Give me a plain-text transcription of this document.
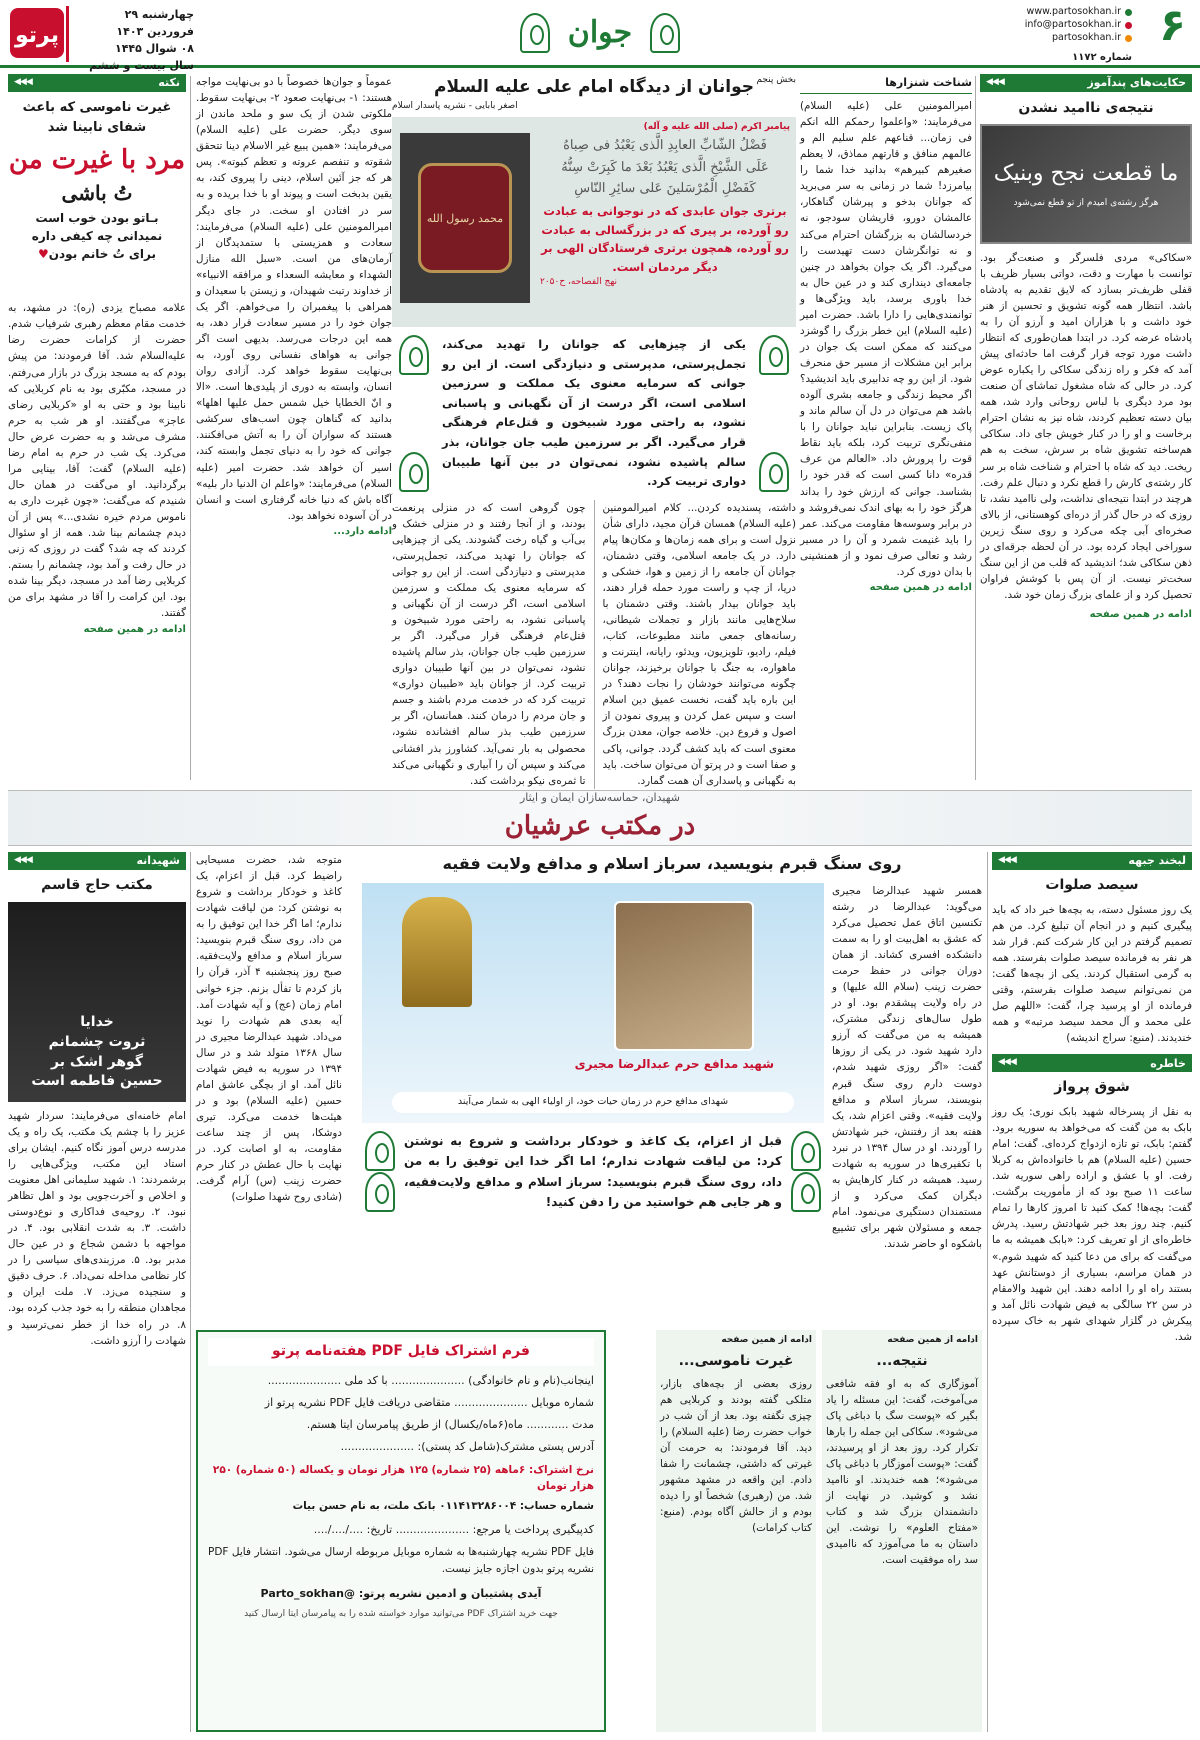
۶
www.partosokhan.ir
info@partosokhan.ir
partosokhan.ir
شماره ۱۱۷۲
جوان
چهارشنبه ۲۹ فروردین ۱۴۰۳
۰۸ شوال ۱۴۴۵
سال بیست و ششم
پرتو
حکایت‌های پندآموز
◀◀◀
نتیجه‌ی ناامید نشدن
ما قطعت نجح وبنیک
هرگز رشته‌ی امیدم از تو قطع نمی‌شود
«سکاکی» مردی فلسرگر و صنعت‌گر بود. توانست با مهارت و دقت، دواتی بسیار ظریف با قفلی ظریف‌تر بسازد که لایق تقدیم به پادشاه باشد. انتظار همه گونه تشویق و تحسین از هنر خود داشت و با هزاران امید و آرزو آن را به پادشاه عرضه کرد. در ابتدا همان‌طوری که انتظار داشت مورد توجه قرار گرفت اما حادثه‌ای پیش آمد که فکر و راه زندگی سکاکی را یکباره عوض کرد. در حالی که شاه مشغول تماشای آن صنعت بود مرد دیگری با لباس روحانی وارد شد، همه بیان دسته تعظیم کردند، شاه نیز به نشان احترام برخاست و او را در کنار خویش جای داد. سکاکی هم‌ساخته تشویق شاه بر سرش، سخت به هم ریخت. دید که شاه با احترام و شناخت شاه بر سر کار رشته‌ی کارش را قطع نکرد و دنبال علم رفت. هرچند در ابتدا نتیجه‌ای نداشت، ولی ناامید نشد، تا روزی که در حال گذر از دره‌ای کوهستانی، از بالای صخره‌ای آبی چکه می‌کرد و روی سنگ زیرین سوراخی ایجاد کرده بود. در آن لحظه جرقه‌ای در ذهن سکاکی شد؛ اندیشید که قلب من از این سنگ سخت‌تر نیست. از آن پس با کوشش فراوان تحصیل کرد و از علمای بزرگ زمان خود شد.
ادامه در همین صفحه
شناخت شنزارها
امیرالمومنین علی (علیه السلام) می‌فرمایند: «واعلموا رحمکم الله انکم فی زمان... قناعهم علم سلیم الم و عالمهم منافق و قارتهم مماذق، لا یعظم صغیرهم کبیرهم» بدانید خدا شما را بیامرزد! شما در زمانی به سر می‌برید که جوانان بدخو و پیرشان گناهکار، عالمشان دورو، قاریشان سودجو، نه خردسالشان به بزرگشان احترام می‌کند و نه توانگرشان دست تهیدست را می‌گیرد. اگر یک جوان بخواهد در چنین جامعه‌ای دینداری کند و در عین حال به خدا باوری برسد، باید ویژگی‌ها و توانمندی‌هایی را دارا باشد. حضرت امیر (علیه السلام) این خطر بزرگ را گوشزد می‌کنند که ممکن است یک جوان در برابر این مشکلات از مسیر حق منحرف شود. از این رو چه تدابیری باید اندیشید؟ اگر محیط زندگی و جامعه بشری آلوده باشد هم می‌توان در دل آن سالم ماند و پاک زیست. بنابراین نباید جوانان را با منفی‌نگری تربیت کرد، بلکه باید نقاط قوت را پرورش داد. «العالم من عرف قدره» دانا کسی است که قدر خود را بشناسد. جوانی که ارزش خود را بداند هرگز خود را به بهای اندک نمی‌فروشد و در برابر وسوسه‌ها مقاومت می‌کند. عمر را باید غنیمت شمرد و آن را در مسیر رشد و تعالی صرف نمود و از همنشینی با بدان دوری کرد.
ادامه در همین صفحه
بخش پنجم
جوانان از دیدگاه امام علی علیه السلام
اصغر بابایی - نشریه پاسدار اسلام
پیامبر اکرم (صلی الله علیه و آله)
فَضْلُ الشّابِّ العابِدِ الَّذى يَعْبُدُ فى صِباهُ
عَلَى الشَّيْخِ الَّذى يَعْبُدُ بَعْدَ ما كَبِرَتْ سِنُّهُ
كَفَضْلِ الْمُرْسَلينَ عَلى سائِرِ النّاسِ
برتری جوان عابدی که در نوجوانی به عبادت رو آورده، بر پیری که در بزرگسالی به عبادت رو آورده، همچون برتری فرستادگان الهی بر دیگر مردمان است.
نهج الفصاحه، ح۲۰۵۰
محمد رسول الله
یکی از چیزهایی که جوانان را تهدید می‌کند، تجمل‌پرستی، مدپرستی و دنیازدگی است. از این رو جوانی که سرمایه معنوی یک مملکت و سرزمین اسلامی است، اگر درست از آن نگهبانی و پاسبانی نشود، به راحتی مورد شبیخون و قتل‌عام فرهنگی قرار می‌گیرد. اگر بر سرزمین طیب جان جوانان، بذر سالم پاشیده نشود، نمی‌توان در بین آنها طبیبان دواری تربیت کرد.
داشته، پسندیده کردن... کلام امیرالمومنین (علیه السلام) همسان قرآن مجید، دارای شأن نزول است و برای همه زمان‌ها و مکان‌ها پیام دارد. در یک جامعه اسلامی، وقتی دشمنان، جوانان آن جامعه را از زمین و هوا، خشکی و دریا، از چپ و راست مورد حمله قرار دهند، باید جوانان بیدار باشند. وقتی دشمنان با سلاح‌هایی مانند بازار و تجملات شیطانی، رسانه‌های جمعی مانند مطبوعات، کتاب، فیلم، رادیو، تلویزیون، ویدئو، رایانه، اینترنت و ماهواره، به جنگ با جوانان برخیزند، جوانان چگونه می‌توانند خودشان را نجات دهند؟ در این باره باید گفت، نخست عمیق دین اسلام است و سپس عمل کردن و پیروی نمودن از اصول و فروع دین. خلاصه جوان، معدن بزرگ معنوی است که باید کشف گردد. جوانی، پاکی و صفا است و در پرتو آن می‌توان ساخت. باید به نگهبانی و پاسداری آن همت گمارد.
چون گروهی است که در منزلی پرنعمت بودند، و از آنجا رفتند و در منزلی خشک و بی‌آب و گیاه رخت گشودند. یکی از چیزهایی که جوانان را تهدید می‌کند، تجمل‌پرستی، مدپرستی و دنیازدگی است. از این رو جوانی که سرمایه معنوی یک مملکت و سرزمین اسلامی است، اگر درست از آن نگهبانی و پاسبانی نشود، به راحتی مورد شبیخون و قتل‌عام فرهنگی قرار می‌گیرد. اگر بر سرزمین طیب جان جوانان، بذر سالم پاشیده نشود، نمی‌توان در بین آنها طبیبان دواری تربیت کرد. از جوانان باید «طبیبان دواری» تربیت کرد که در خدمت مردم باشند و جسم و جان مردم را درمان کنند. همانسان، اگر بر سرزمین طیب بذر سالم افشانده نشود، محصولی به بار نمی‌آید. کشاورز بذر افشانی می‌کند و سپس آن را آبیاری و نگهبانی می‌کند تا ثمره‌ی نیکو برداشت کند.
عموماً و جوان‌ها خصوصاً با دو بی‌نهایت مواجه هستند: ۱- بی‌نهایت صعود ۲- بی‌نهایت سقوط. ملکوتی شدن از یک سو و ملحد ماندن از سوی دیگر. حضرت علی (علیه السلام) می‌فرمایند: «همین یبیع غیر الاسلام دینا تتحقق شقوته و تنفصم عروته و تعظم کبوته». پس هر که جز آئین اسلام، دینی را پیروی کند، به یقین بدبخت است و پیوند او با خدا بریده و به سر در افتادن او سخت. در جای دیگر امیرالمومنین علی (علیه السلام) می‌فرمایند: سعادت و همزیستی با ستمدیدگان از آرمان‌های من است. «سبل الله منازل الشهداء و معایشه السعداء و مرافقه الانبیاء» از خداوند رتبت شهیدان، و زیستن با سعیدان و همراهی با پیغمبران را می‌خواهم. اگر یک جوان خود را در مسیر سعادت قرار دهد، به همه این درجات می‌رسد. بدیهی است اگر جوانی به هواهای نفسانی روی آورد، به بی‌نهایت سقوط خواهد کرد. آزادی روان انسان، وابسته به دوری از پلیدی‌ها است. «الا و انّ الخطایا خیل شمس حمل علیها اهلها» بدانید که گناهان چون اسب‌های سرکشی هستند که سواران آن را به آتش می‌افکنند. جوانی که خود را به دنیای تجمل وابسته کند، اسیر آن خواهد شد. حضرت امیر (علیه السلام) می‌فرمایند: «واعلم ان الدنیا دار بلیه» آگاه باش که دنیا خانه گرفتاری است و انسان در آن آسوده نخواهد بود.
ادامه دارد...
نکته
◀◀◀
غیرت ناموسی که باعث شفای نابینا شد
مرد با غیرت من
تُ باشی
بـاتو بودن خوب است
نمیدانی چه کیفی داره
برای تُ خانم بودن♥
علامه مصباح یزدی (ره): در مشهد، به خدمت مقام معظم رهبری شرفیاب شدم. حضرت از کرامات حضرت رضا علیه‌السلام شد. آقا فرمودند: من پیش بودم که به مسجد بزرگ در بازار می‌رفتم. در مسجد، مکبّری بود به نام کربلایی که نابینا بود و حتی به او «کربلایی رضای عاجز» می‌گفتند. او هر شب به حرم مشرف می‌شد و به حضرت عرض حال می‌کرد. یک شب در حرم به امام رضا (علیه السلام) گفت: آقا، بینایی مرا برگردانید. او می‌گفت در همان حال شنیدم که می‌گفت: «چون غیرت داری به ناموس مردم خیره نشدی...» پس از آن دیدم چشمانم بینا شد. همه از او سئوال کردند که چه شد؟ گفت در روزی که زنی در حال رفت و آمد بود، چشمانم را بستم. کربلایی رضا آمد در مسجد، دیگر بینا شده بود. این کرامت را آقا در مشهد برای من گفتند.
ادامه در همین صفحه
شهیدان، حماسه‌سازان ایمان و ایثار
در مکتب عرشیان
لبخند جبهه
◀◀◀
سیصد صلوات
یک روز مسئول دسته، به بچه‌ها خبر داد که باید پیگیری کنیم و در انجام آن تبلیغ کرد. من هم تصمیم گرفتم در این کار شرکت کنم. قرار شد هر نفر به فرمانده سیصد صلوات بفرستد. همه به گرمی استقبال کردند. یکی از بچه‌ها گفت: من نمی‌توانم سیصد صلوات بفرستم، وقتی فرمانده از او پرسید چرا، گفت: «اللهم صل علی محمد و آل محمد سیصد مرتبه» و همه خندیدند. (منبع: سراج اندیشه)
خاطره
◀◀◀
شوق پرواز
به نقل از پسرخاله شهید بابک نوری: یک روز بابک به من گفت که می‌خواهد به سوریه برود. گفتم: بابک، تو تازه ازدواج کرده‌ای. گفت: امام حسین (علیه السلام) هم با خانواده‌اش به کربلا رفت. او با عشق و اراده راهی سوریه شد. ساعت ۱۱ صبح بود که از مأموریت برگشت. گفت: بچه‌ها! کمک کنید تا امروز کارها را تمام کنیم. چند روز بعد خبر شهادتش رسید. پدرش خاطره‌ای از او تعریف کرد: «بابک همیشه به ما می‌گفت که برای من دعا کنید که شهید شوم.» در همان مراسم، بسیاری از دوستانش عهد بستند راه او را ادامه دهند. این شهید والامقام در سن ۲۲ سالگی به فیض شهادت نائل آمد و پیکرش در گلزار شهدای شهر به خاک سپرده شد.
روی سنگ قبرم بنویسید، سرباز اسلام و مدافع ولایت فقیه
همسر شهید عبدالرضا مجیری می‌گوید: عبدالرضا در رشته تکنسین اتاق عمل تحصیل می‌کرد که عشق به اهل‌بیت او را به سمت دانشکده افسری کشاند. از همان دوران جوانی در حفظ حرمت حضرت زینب (سلام الله علیها) و در راه ولایت پیشقدم بود. او در طول سال‌های زندگی مشترک، همیشه به من می‌گفت که آرزو دارد شهید شود. در یکی از روزها گفت: «اگر روزی شهید شدم، دوست دارم روی سنگ قبرم بنویسند، سرباز اسلام و مدافع ولایت فقیه». وقتی اعزام شد، یک هفته بعد از رفتنش، خبر شهادتش را آوردند. او در سال ۱۳۹۴ در نبرد با تکفیری‌ها در سوریه به شهادت رسید. همیشه در کنار کارهایش به دیگران کمک می‌کرد و از مستمندان دستگیری می‌نمود. امام جمعه و مسئولان شهر برای تشییع باشکوه او حاضر شدند.
شهید مدافع حرم عبدالرضا مجیری
شهدای مدافع حرم در زمان حیات خود، از اولیاء الهی به شمار می‌آیند
قبل از اعزام، یک کاغذ و خودکار برداشت و شروع به نوشتن کرد: من لیاقت شهادت ندارم؛ اما اگر خدا این توفیق را به من داد، روی سنگ قبرم بنویسید: سرباز اسلام و مدافع ولایت‌فقیه، و هر جایی هم خواستید من را دفن کنید!
متوجه شد، حضرت مسیحایی راضیط کرد. قبل از اعزام، یک کاغذ و خودکار برداشت و شروع به نوشتن کرد: من لیاقت شهادت ندارم؛ اما اگر خدا این توفیق را به من داد، روی سنگ قبرم بنویسید: سرباز اسلام و مدافع ولایت‌فقیه. صبح روز پنجشنبه ۴ آذر، قرآن را باز کردم تا تفأل بزنم. جزء خوانی امام زمان (عج) و آیه شهادت آمد. آیه بعدی هم شهادت را نوید می‌داد. شهید عبدالرضا مجیری در سال ۱۳۶۸ متولد شد و در سال ۱۳۹۴ در سوریه به فیض شهادت نائل آمد. او از بچگی عاشق امام حسین (علیه السلام) بود و در هیئت‌ها خدمت می‌کرد. تیری دوشکا، پس از چند ساعت مقاومت، به او اصابت کرد. در نهایت با حال عطش در کنار حرم حضرت زینب (س) آرام گرفت. (شادی روح شهدا صلوات)
ادامه از همین صفحه
نتیجه...
آموزگاری که به او فقه شافعی می‌آموخت، گفت: این مسئله را یاد بگیر که «پوست سگ با دباغی پاک می‌شود». سکاکی این جمله را بارها تکرار کرد. روز بعد از او پرسیدند، گفت: «پوست آموزگار با دباغی پاک می‌شود»؛ همه خندیدند. او ناامید نشد و کوشید. در نهایت از دانشمندان بزرگ شد و کتاب «مفتاح العلوم» را نوشت. این داستان به ما می‌آموزد که ناامیدی سد راه موفقیت است.
ادامه از همین صفحه
غیرت ناموسی...
روزی بعضی از بچه‌های بازار، متلکی گفته بودند و کربلایی هم چیزی نگفته بود. بعد از آن شب در خواب حضرت رضا (علیه السلام) را دید. آقا فرمودند: به حرمت آن غیرتی که داشتی، چشمانت را شفا دادم. این واقعه در مشهد مشهور شد. من (رهبری) شخصاً او را دیده بودم و از حالش آگاه بودم. (منبع: کتاب کرامات)
فرم اشتراک فایل PDF هفته‌نامه پرتو
اینجانب(نام و نام خانوادگی) ..................... با کد ملی .....................
شماره موبایل ..................... متقاضی دریافت فایل PDF نشریه پرتو از
مدت ............ ماه(۶ماه/یکسال) از طریق پیامرسان ایتا هستم.
آدرس پستی مشترک(شامل کد پستی): .....................
نرخ اشتراک: ۶ماهه (۲۵ شماره) ۱۲۵ هزار تومان و یکساله (۵۰ شماره) ۲۵۰ هزار تومان
شماره حساب: ۰۱۱۴۱۳۲۸۶۰۰۴ بانک ملت، به نام حسن بیات
کدپیگیری پرداخت یا مرجع: ..................... تاریخ: ..../..../....
فایل PDF نشریه چهارشنبه‌ها به شماره موبایل مربوطه ارسال می‌شود. انتشار فایل PDF نشریه پرتو بدون اجازه جایز نیست.
آیدی پشتیبان و ادمین نشریه پرتو: @Parto_sokhan
جهت خرید اشتراک PDF می‌توانید موارد خواسته شده را به پیامرسان ایتا ارسال کنید
شهیدانه
◀◀◀
مکتب حاج قاسم
خدایا
ثروت چشمانم
گوهر اشک بر
حسین فاطمه است
امام خامنه‌ای می‌فرمایند: سردار شهید عزیز را با چشم یک مکتب، یک راه و یک مدرسه درس آموز نگاه کنیم. ایشان برای استاد این مکتب، ویژگی‌هایی را برشمردند: ۱. شهید سلیمانی اهل معنویت و اخلاص و آخرت‌جویی بود و اهل تظاهر نبود. ۲. روحیه‌ی فداکاری و نوع‌دوستی داشت. ۳. به شدت انقلابی بود. ۴. در مواجهه با دشمن شجاع و در عین حال مدبر بود. ۵. مرزبندی‌های سیاسی را در کار نظامی مداخله نمی‌داد. ۶. حرف دقیق و سنجیده می‌زد. ۷. ملت ایران و مجاهدان منطقه را به خود جذب کرده بود. ۸. در راه خدا از خطر نمی‌ترسید و شهادت را آرزو داشت.
